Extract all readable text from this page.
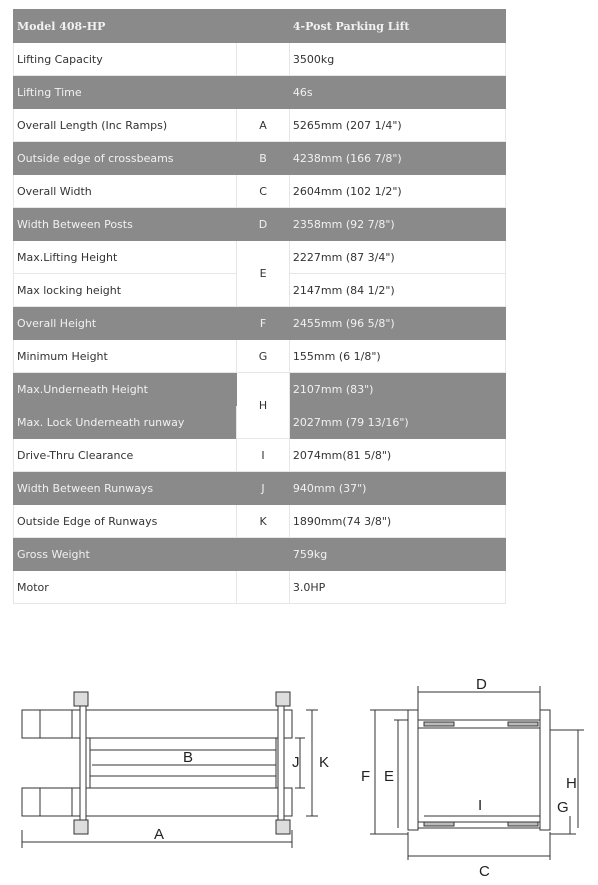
Model 408-HP		4-Post Parking Lift
Lifting Capacity		3500kg
Lifting Time		46s
Overall Length (Inc Ramps)	A	5265mm (207 1/4")
Outside edge of crossbeams	B	4238mm (166 7/8")
Overall Width	C	2604mm (102 1/2")
Width Between Posts	D	2358mm (92 7/8")
Max.Lifting Height	E	2227mm (87 3/4")
Max locking height		2147mm (84 1/2")
Overall Height	F	2455mm (96 5/8")
Minimum Height	G	155mm (6 1/8")
Max.Underneath Height	H	2107mm (83")
Max. Lock Underneath runway		2027mm (79 13/16")
Drive-Thru Clearance	I	2074mm(81 5/8")
Width Between Runways	J	940mm (37")
Outside Edge of Runways	K	1890mm(74 3/8")
Gross Weight		759kg
Motor		3.0HP
B	J K
A
D
C
I
F E	H
G
